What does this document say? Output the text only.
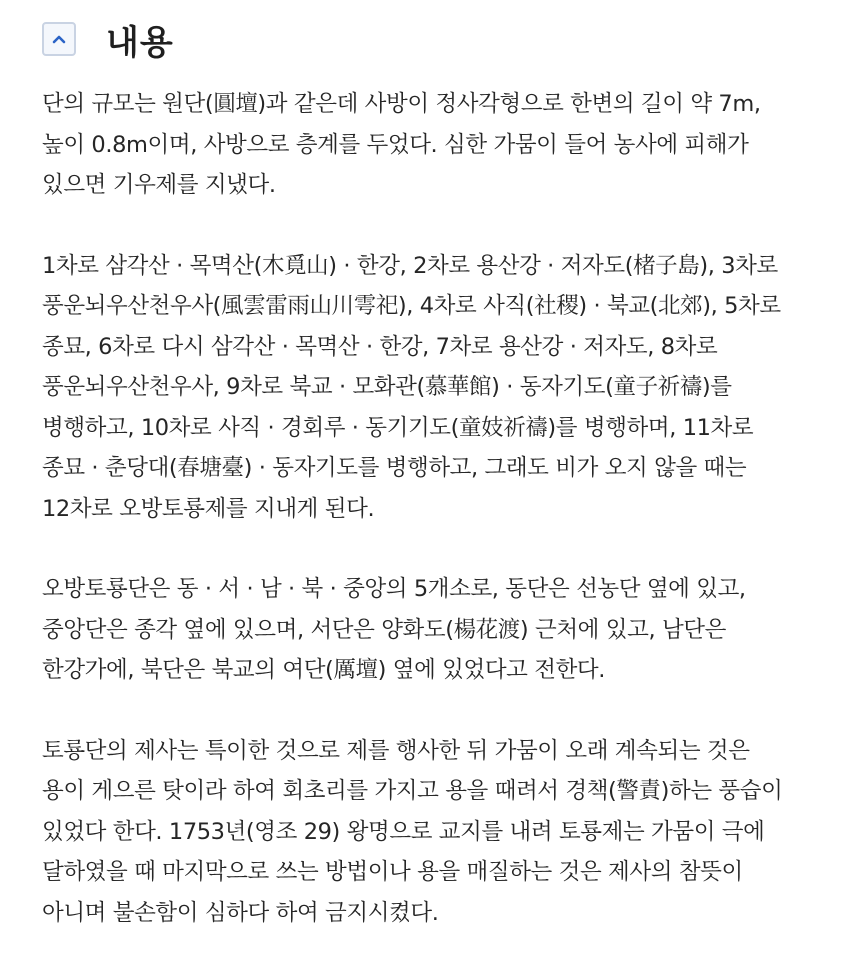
내용
단의 규모는 원단(圓壇)과 같은데 사방이 정사각형으로 한변의 길이 약 7m,
높이 0.8m이며, 사방으로 층계를 두었다. 심한 가뭄이 들어 농사에 피해가
있으면 기우제를 지냈다.
1차로 삼각산 · 목멱산(木覓山) · 한강, 2차로 용산강 · 저자도(楮子島), 3차로
풍운뇌우산천우사(風雲雷雨山川雩祀), 4차로 사직(社稷) · 북교(北郊), 5차로
종묘, 6차로 다시 삼각산 · 목멱산 · 한강, 7차로 용산강 · 저자도, 8차로
풍운뇌우산천우사, 9차로 북교 · 모화관(慕華館) · 동자기도(童子祈禱)를
병행하고, 10차로 사직 · 경회루 · 동기기도(童妓祈禱)를 병행하며, 11차로
종묘 · 춘당대(春塘臺) · 동자기도를 병행하고, 그래도 비가 오지 않을 때는
12차로 오방토룡제를 지내게 된다.
오방토룡단은 동 · 서 · 남 · 북 · 중앙의 5개소로, 동단은 선농단 옆에 있고,
중앙단은 종각 옆에 있으며, 서단은 양화도(楊花渡) 근처에 있고, 남단은
한강가에, 북단은 북교의 여단(厲壇) 옆에 있었다고 전한다.
토룡단의 제사는 특이한 것으로 제를 행사한 뒤 가뭄이 오래 계속되는 것은
용이 게으른 탓이라 하여 회초리를 가지고 용을 때려서 경책(警責)하는 풍습이
있었다 한다. 1753년(영조 29) 왕명으로 교지를 내려 토룡제는 가뭄이 극에
달하였을 때 마지막으로 쓰는 방법이나 용을 매질하는 것은 제사의 참뜻이
아니며 불손함이 심하다 하여 금지시켰다.
